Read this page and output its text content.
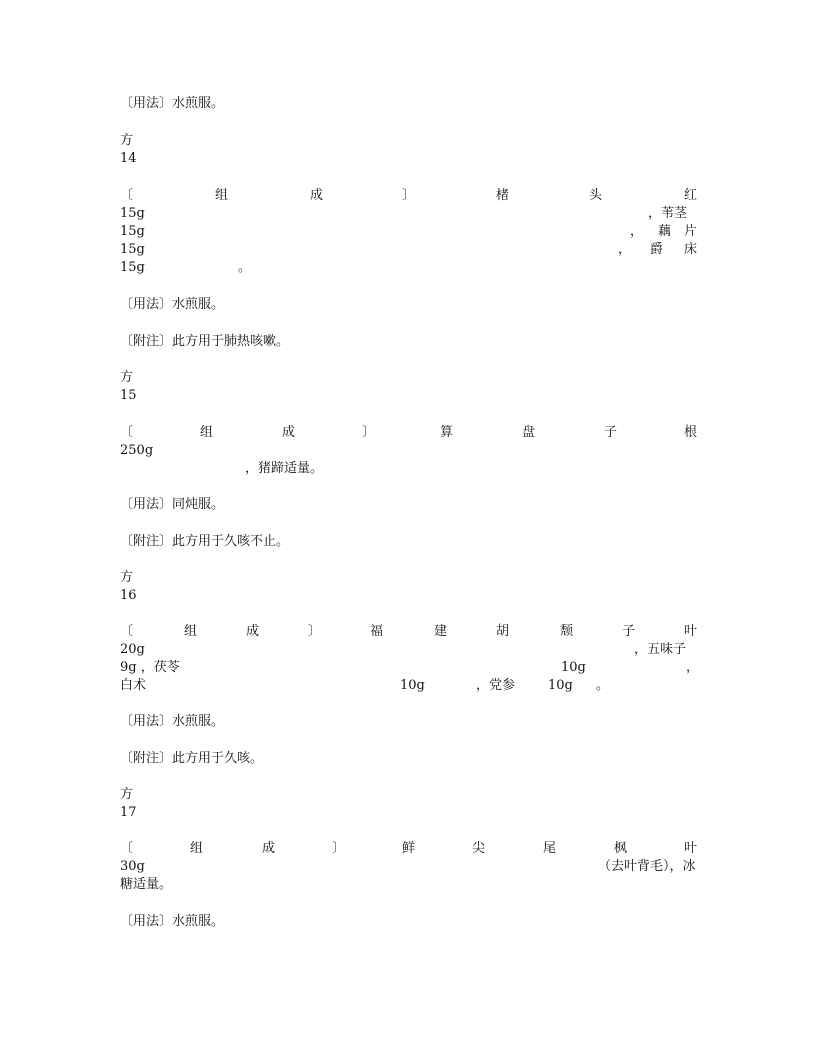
〔用法〕水煎服。
方
14
〔	组	成	〕	楮	头	红
15g	，苇茎
15g	， 藕 片
15g	， 爵 床
15g	。
〔用法〕水煎服。
〔附注〕此方用于肺热咳嗽。
方
15
〔	组	成	〕	算	盘	子	根
250g
，猪蹄适量。
〔用法〕同炖服。
〔附注〕此方用于久咳不止。
方
16
〔	组	成	〕	福	建	胡	颓	子	叶
20g	，五味子
9g ，茯苓	10g	，
白术	10g	，党参	10g 。
〔用法〕水煎服。
〔附注〕此方用于久咳。
方
17
〔	组	成	〕	鲜	尖	尾	枫	叶
30g	（去叶背毛），冰
糖适量。
〔用法〕水煎服。
